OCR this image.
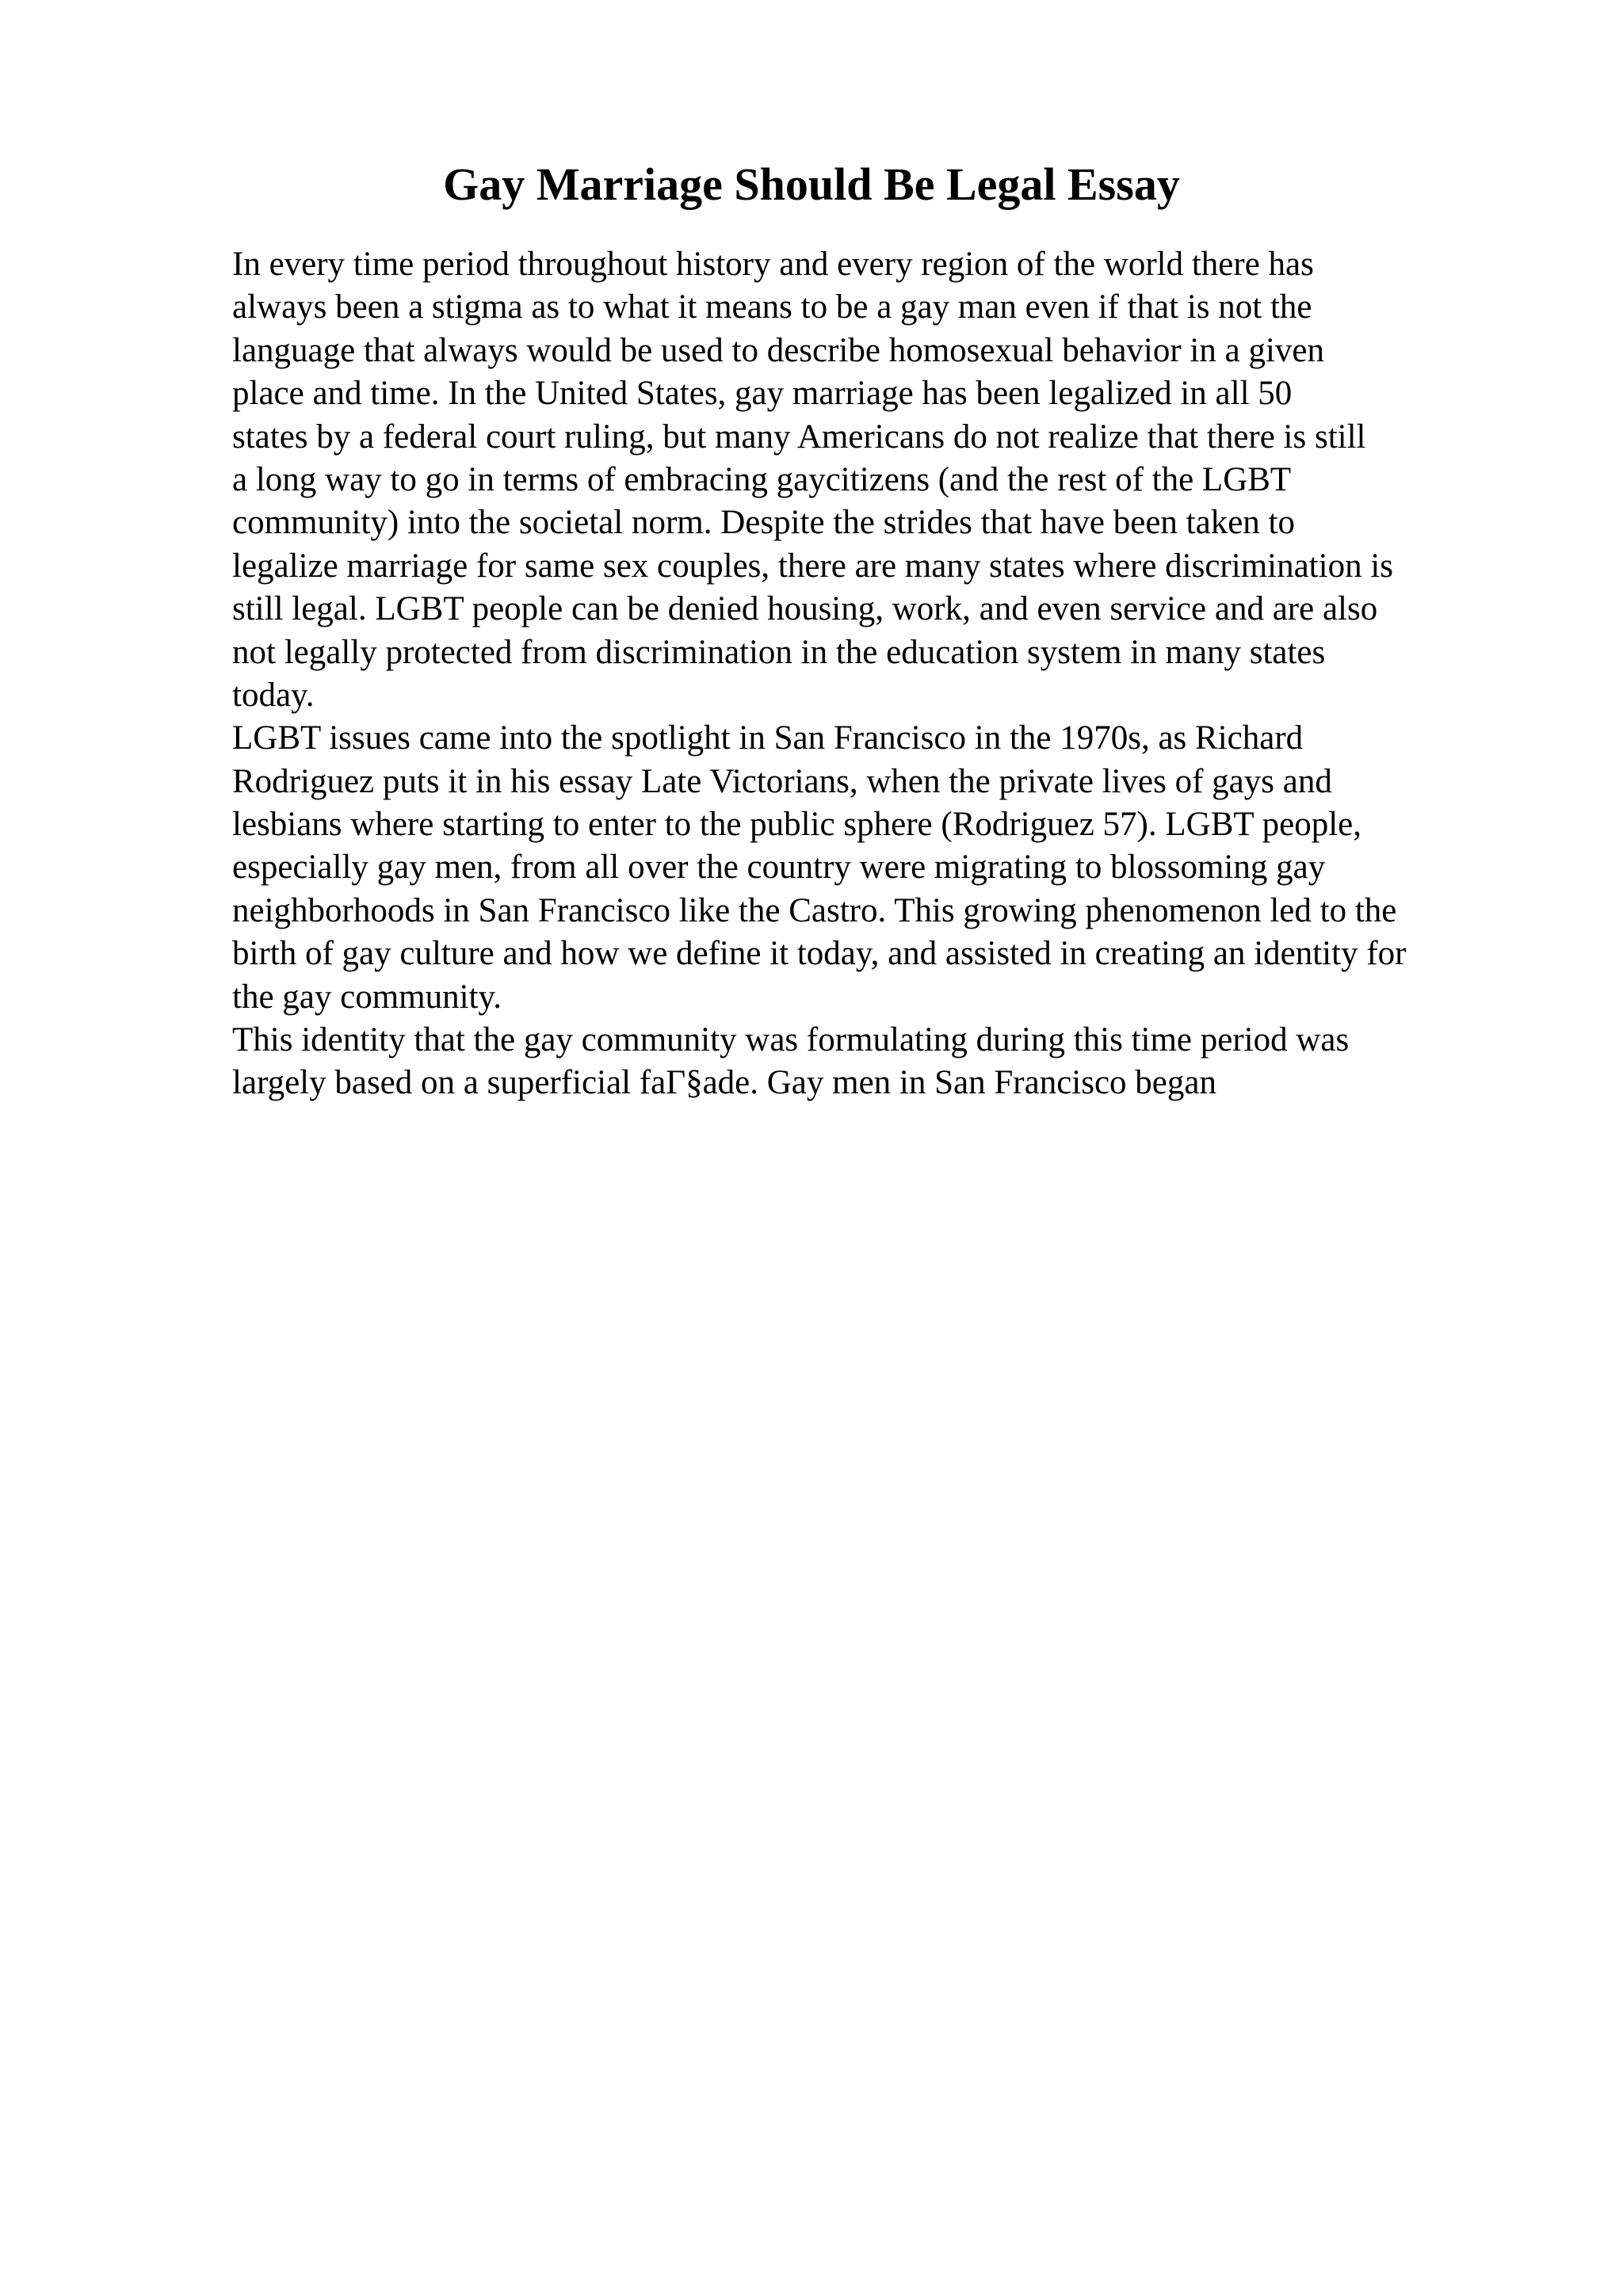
Gay Marriage Should Be Legal Essay
In every time period throughout history and every region of the world there has
always been a stigma as to what it means to be a gay man even if that is not the
language that always would be used to describe homosexual behavior in a given
place and time. In the United States, gay marriage has been legalized in all 50
states by a federal court ruling, but many Americans do not realize that there is still
a long way to go in terms of embracing gaycitizens (and the rest of the LGBT
community) into the societal norm. Despite the strides that have been taken to
legalize marriage for same sex couples, there are many states where discrimination is
still legal. LGBT people can be denied housing, work, and even service and are also
not legally protected from discrimination in the education system in many states
today.
LGBT issues came into the spotlight in San Francisco in the 1970s, as Richard
Rodriguez puts it in his essay Late Victorians, when the private lives of gays and
lesbians where starting to enter to the public sphere (Rodriguez 57). LGBT people,
especially gay men, from all over the country were migrating to blossoming gay
neighborhoods in San Francisco like the Castro. This growing phenomenon led to the
birth of gay culture and how we define it today, and assisted in creating an identity for
the gay community.
This identity that the gay community was formulating during this time period was
largely based on a superficial faΓ§ade. Gay men in San Francisco began
